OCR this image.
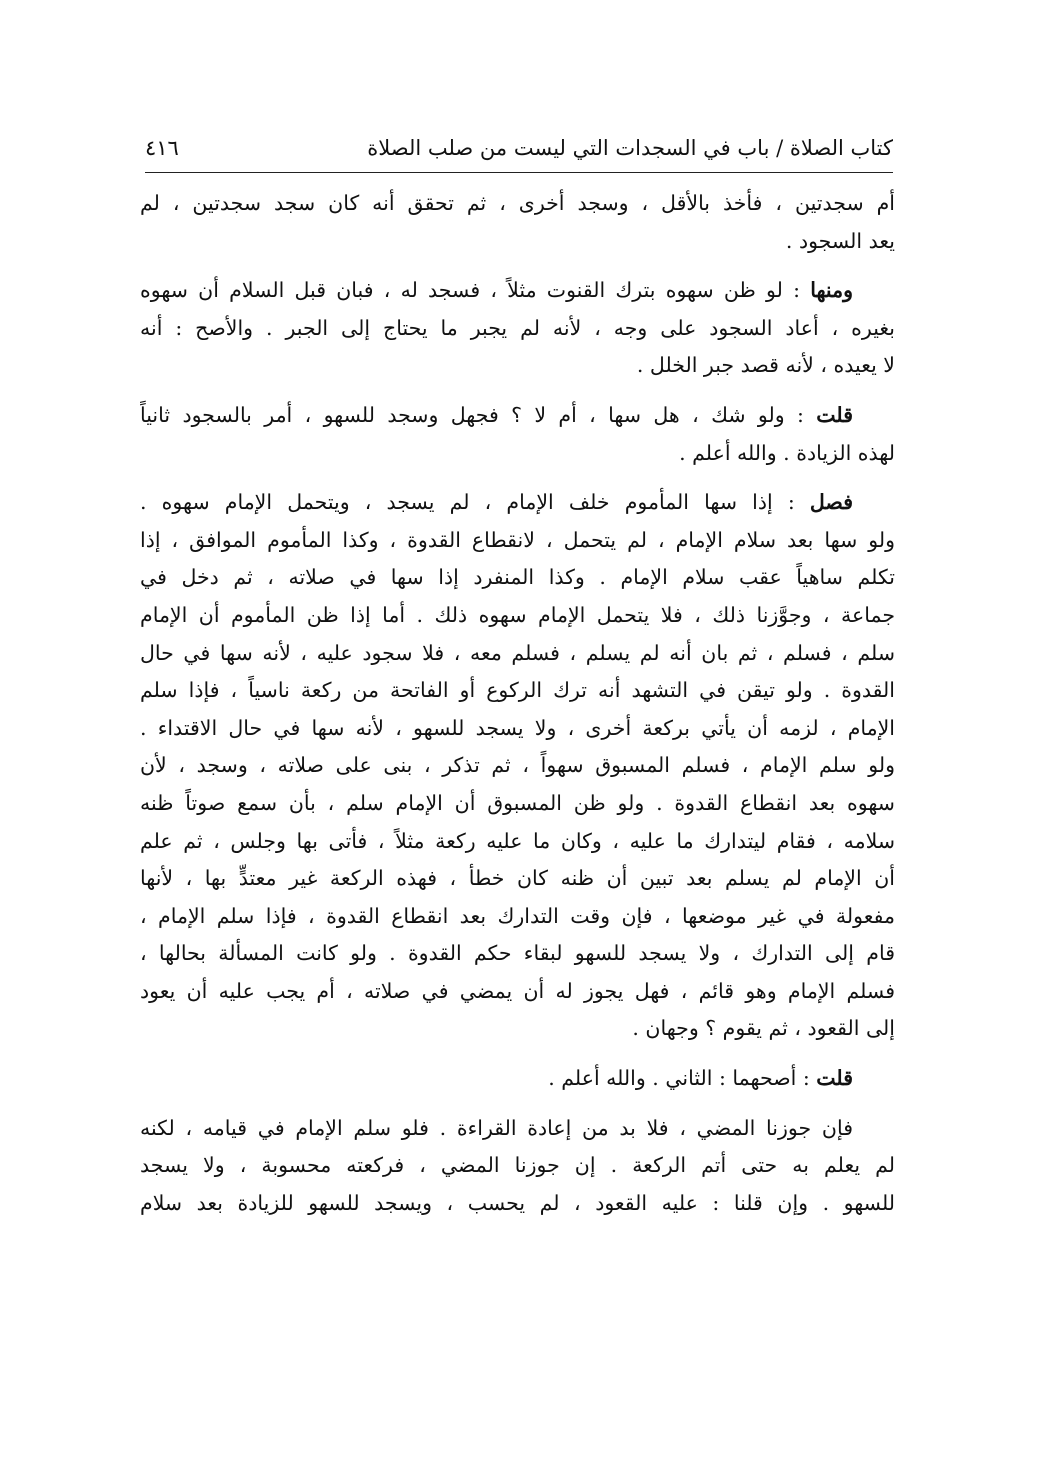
كتاب الصلاة / باب في السجدات التي ليست من صلب الصلاة
٤١٦
أم سجدتين ، فأخذ بالأقل ، وسجد أخرى ، ثم تحقق أنه كان سجد سجدتين ، لم
يعد السجود .
ومنها : لو ظن سهوه بترك القنوت مثلاً ، فسجد له ، فبان قبل السلام أن سهوه
بغيره ، أعاد السجود على وجه ، لأنه لم يجبر ما يحتاج إلى الجبر . والأصح : أنه
لا يعيده ، لأنه قصد جبر الخلل .
قلت : ولو شك ، هل سها ، أم لا ؟ فجهل وسجد للسهو ، أمر بالسجود ثانياً
لهذه الزيادة . والله أعلم .
فصل : إذا سها المأموم خلف الإمام ، لم يسجد ، ويتحمل الإمام سهوه .
ولو سها بعد سلام الإمام ، لم يتحمل ، لانقطاع القدوة ، وكذا المأموم الموافق ، إذا
تكلم ساهياً عقب سلام الإمام . وكذا المنفرد إذا سها في صلاته ، ثم دخل في
جماعة ، وجوَّزنا ذلك ، فلا يتحمل الإمام سهوه ذلك . أما إذا ظن المأموم أن الإمام
سلم ، فسلم ، ثم بان أنه لم يسلم ، فسلم معه ، فلا سجود عليه ، لأنه سها في حال
القدوة . ولو تيقن في التشهد أنه ترك الركوع أو الفاتحة من ركعة ناسياً ، فإذا سلم
الإمام ، لزمه أن يأتي بركعة أخرى ، ولا يسجد للسهو ، لأنه سها في حال الاقتداء .
ولو سلم الإمام ، فسلم المسبوق سهواً ، ثم تذكر ، بنى على صلاته ، وسجد ، لأن
سهوه بعد انقطاع القدوة . ولو ظن المسبوق أن الإمام سلم ، بأن سمع صوتاً ظنه
سلامه ، فقام ليتدارك ما عليه ، وكان ما عليه ركعة مثلاً ، فأتى بها وجلس ، ثم علم
أن الإمام لم يسلم بعد تبين أن ظنه كان خطأ ، فهذه الركعة غير معتدٍّ بها ، لأنها
مفعولة في غير موضعها ، فإن وقت التدارك بعد انقطاع القدوة ، فإذا سلم الإمام ،
قام إلى التدارك ، ولا يسجد للسهو لبقاء حكم القدوة . ولو كانت المسألة بحالها ،
فسلم الإمام وهو قائم ، فهل يجوز له أن يمضي في صلاته ، أم يجب عليه أن يعود
إلى القعود ، ثم يقوم ؟ وجهان .
قلت : أصحهما : الثاني . والله أعلم .
فإن جوزنا المضي ، فلا بد من إعادة القراءة . فلو سلم الإمام في قيامه ، لكنه
لم يعلم به حتى أتم الركعة . إن جوزنا المضي ، فركعته محسوبة ، ولا يسجد
للسهو . وإن قلنا : عليه القعود ، لم يحسب ، ويسجد للسهو للزيادة بعد سلام
